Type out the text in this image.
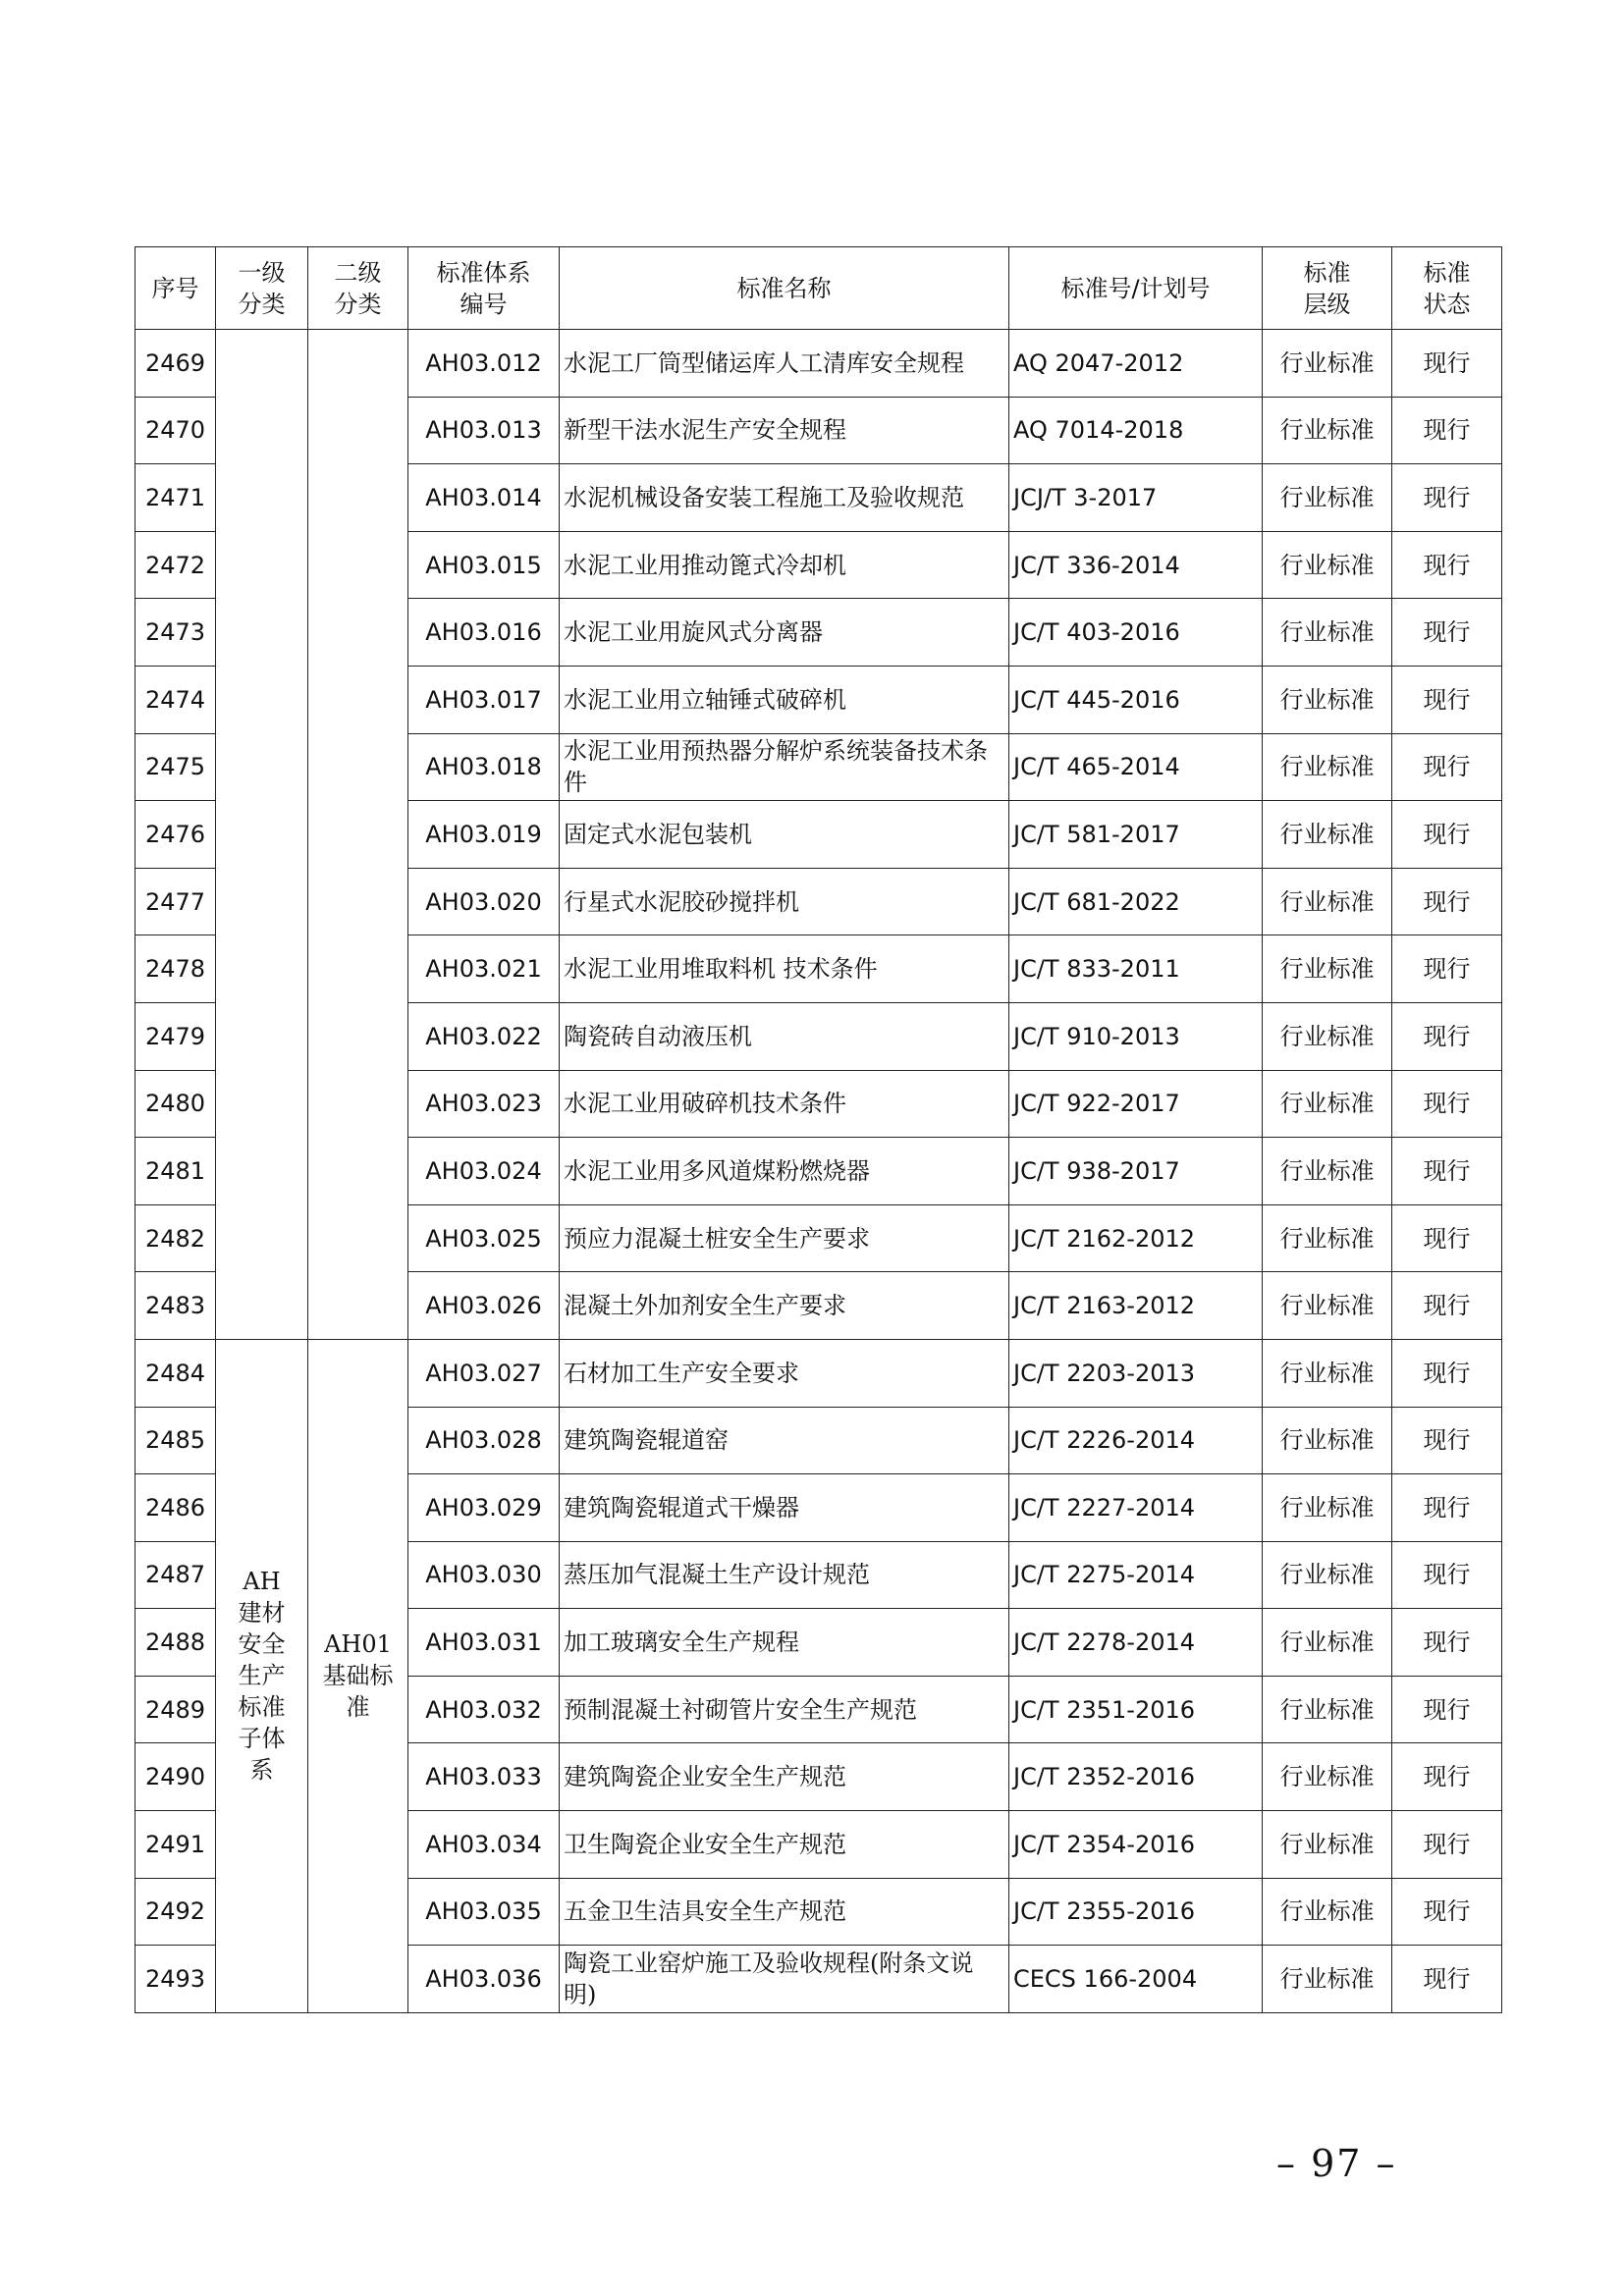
序号	一级分类	二级分类	标准体系编号	标准名称	标准号/计划号	标准层级	标准状态

2469			AH03.012	水泥工厂筒型储运库人工清库安全规程	AQ 2047-2012	行业标准	现行
2470			AH03.013	新型干法水泥生产安全规程	AQ 7014-2018	行业标准	现行
2471			AH03.014	水泥机械设备安装工程施工及验收规范	JCJ/T 3-2017	行业标准	现行
2472			AH03.015	水泥工业用推动篦式冷却机	JC/T 336-2014	行业标准	现行
2473			AH03.016	水泥工业用旋风式分离器	JC/T 403-2016	行业标准	现行
2474			AH03.017	水泥工业用立轴锤式破碎机	JC/T 445-2016	行业标准	现行
2475			AH03.018	水泥工业用预热器分解炉系统装备技术条件	JC/T 465-2014	行业标准	现行
2476			AH03.019	固定式水泥包装机	JC/T 581-2017	行业标准	现行
2477			AH03.020	行星式水泥胶砂搅拌机	JC/T 681-2022	行业标准	现行
2478			AH03.021	水泥工业用堆取料机 技术条件	JC/T 833-2011	行业标准	现行
2479			AH03.022	陶瓷砖自动液压机	JC/T 910-2013	行业标准	现行
2480			AH03.023	水泥工业用破碎机技术条件	JC/T 922-2017	行业标准	现行
2481			AH03.024	水泥工业用多风道煤粉燃烧器	JC/T 938-2017	行业标准	现行
2482			AH03.025	预应力混凝土桩安全生产要求	JC/T 2162-2012	行业标准	现行
2483			AH03.026	混凝土外加剂安全生产要求	JC/T 2163-2012	行业标准	现行
2484	AH建材安全生产标准子体系	AH01基础标准	AH03.027	石材加工生产安全要求	JC/T 2203-2013	行业标准	现行
2485			AH03.028	建筑陶瓷辊道窑	JC/T 2226-2014	行业标准	现行
2486			AH03.029	建筑陶瓷辊道式干燥器	JC/T 2227-2014	行业标准	现行
2487			AH03.030	蒸压加气混凝土生产设计规范	JC/T 2275-2014	行业标准	现行
2488			AH03.031	加工玻璃安全生产规程	JC/T 2278-2014	行业标准	现行
2489			AH03.032	预制混凝土衬砌管片安全生产规范	JC/T 2351-2016	行业标准	现行
2490			AH03.033	建筑陶瓷企业安全生产规范	JC/T 2352-2016	行业标准	现行
2491			AH03.034	卫生陶瓷企业安全生产规范	JC/T 2354-2016	行业标准	现行
2492			AH03.035	五金卫生洁具安全生产规范	JC/T 2355-2016	行业标准	现行
2493			AH03.036	陶瓷工业窑炉施工及验收规程(附条文说明)	CECS 166-2004	行业标准	现行
– 97 –
